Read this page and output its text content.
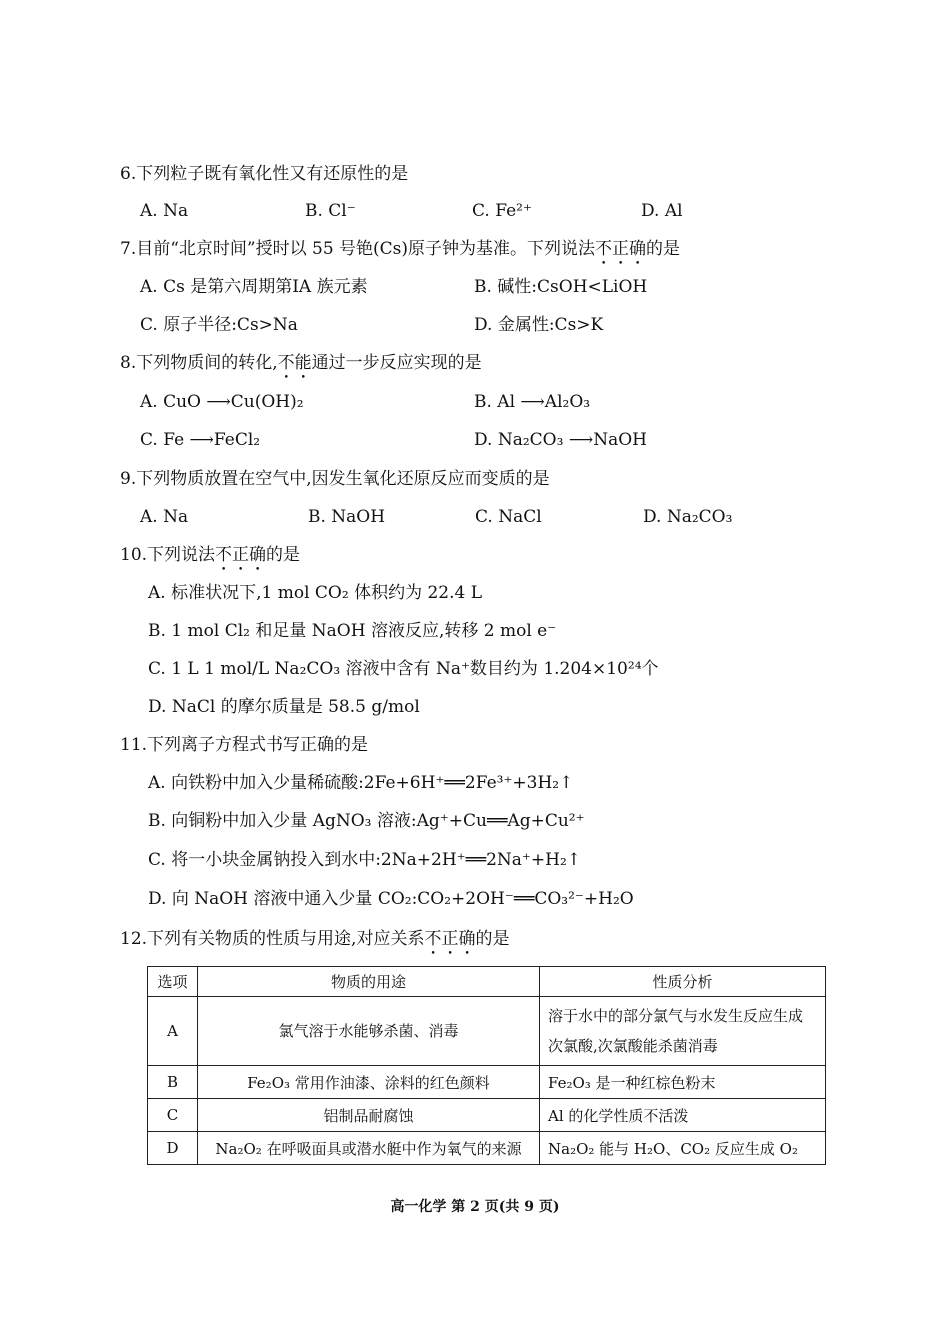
6.下列粒子既有氧化性又有还原性的是
A. Na	B. Cl⁻	C. Fe²⁺	D. Al
7.目前“北京时间”授时以 55 号铯(Cs)原子钟为基准。下列说法不正确的是
A. Cs 是第六周期第ⅠA 族元素	B. 碱性:CsOH<LiOH
C. 原子半径:Cs>Na	D. 金属性:Cs>K
8.下列物质间的转化,不能通过一步反应实现的是
A. CuO ⟶Cu(OH)₂	B. Al ⟶Al₂O₃
C. Fe ⟶FeCl₂	D. Na₂CO₃ ⟶NaOH
9.下列物质放置在空气中,因发生氧化还原反应而变质的是
A. Na	B. NaOH	C. NaCl	D. Na₂CO₃
10.下列说法不正确的是
A. 标准状况下,1 mol CO₂ 体积约为 22.4 L
B. 1 mol Cl₂ 和足量 NaOH 溶液反应,转移 2 mol e⁻
C. 1 L 1 mol/L Na₂CO₃ 溶液中含有 Na⁺数目约为 1.204×10²⁴个
D. NaCl 的摩尔质量是 58.5 g/mol
11.下列离子方程式书写正确的是
A. 向铁粉中加入少量稀硫酸:2Fe+6H⁺══2Fe³⁺+3H₂↑
B. 向铜粉中加入少量 AgNO₃ 溶液:Ag⁺+Cu══Ag+Cu²⁺
C. 将一小块金属钠投入到水中:2Na+2H⁺══2Na⁺+H₂↑
D. 向 NaOH 溶液中通入少量 CO₂:CO₂+2OH⁻══CO₃²⁻+H₂O
12.下列有关物质的性质与用途,对应关系不正确的是
选项	物质的用途	性质分析
A	氯气溶于水能够杀菌、消毒	溶于水中的部分氯气与水发生反应生成次氯酸,次氯酸能杀菌消毒
B	Fe₂O₃ 常用作油漆、涂料的红色颜料	Fe₂O₃ 是一种红棕色粉末
C	铝制品耐腐蚀	Al 的化学性质不活泼
D	Na₂O₂ 在呼吸面具或潜水艇中作为氧气的来源	Na₂O₂ 能与 H₂O、CO₂ 反应生成 O₂
高一化学 第 2 页(共 9 页)
